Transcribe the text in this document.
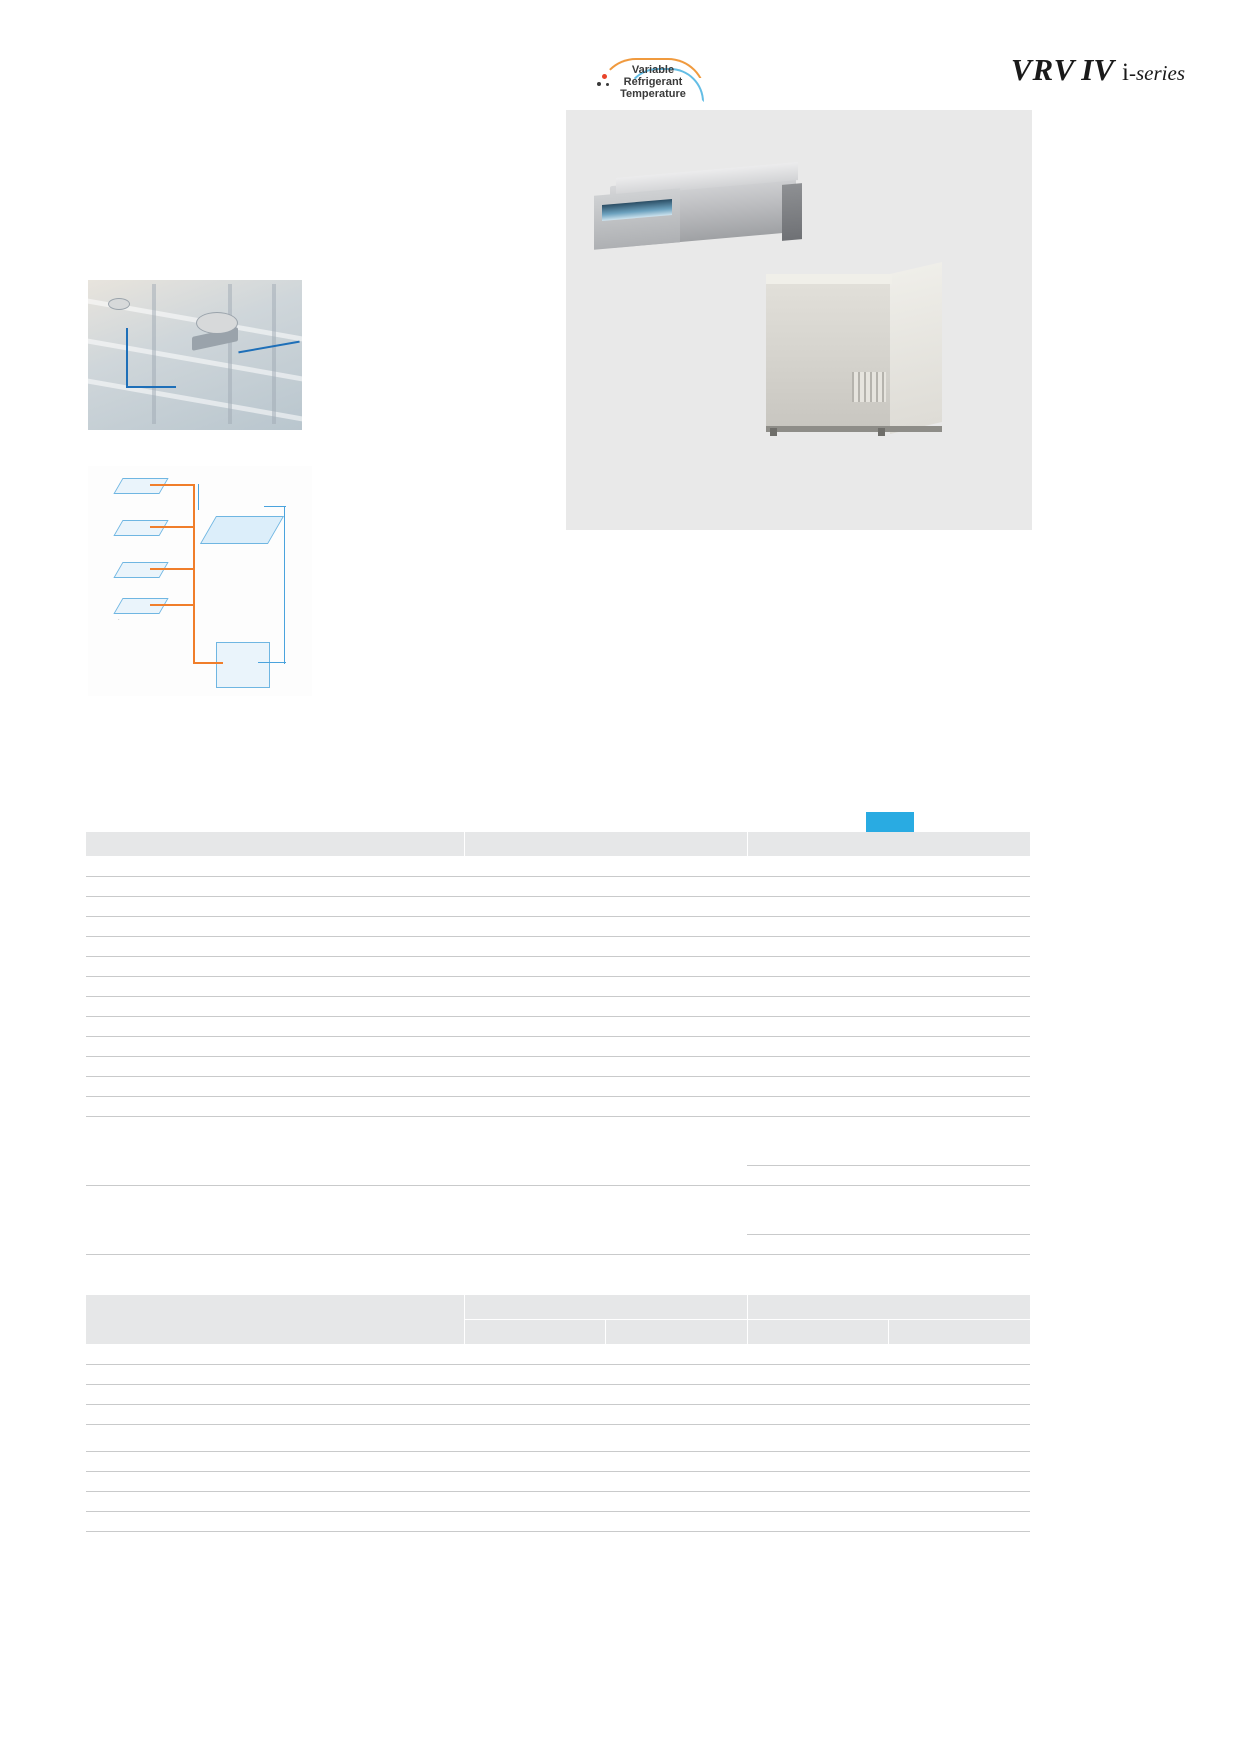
Variable
Refrigerant
Temperature
VRV IV i-series
-
